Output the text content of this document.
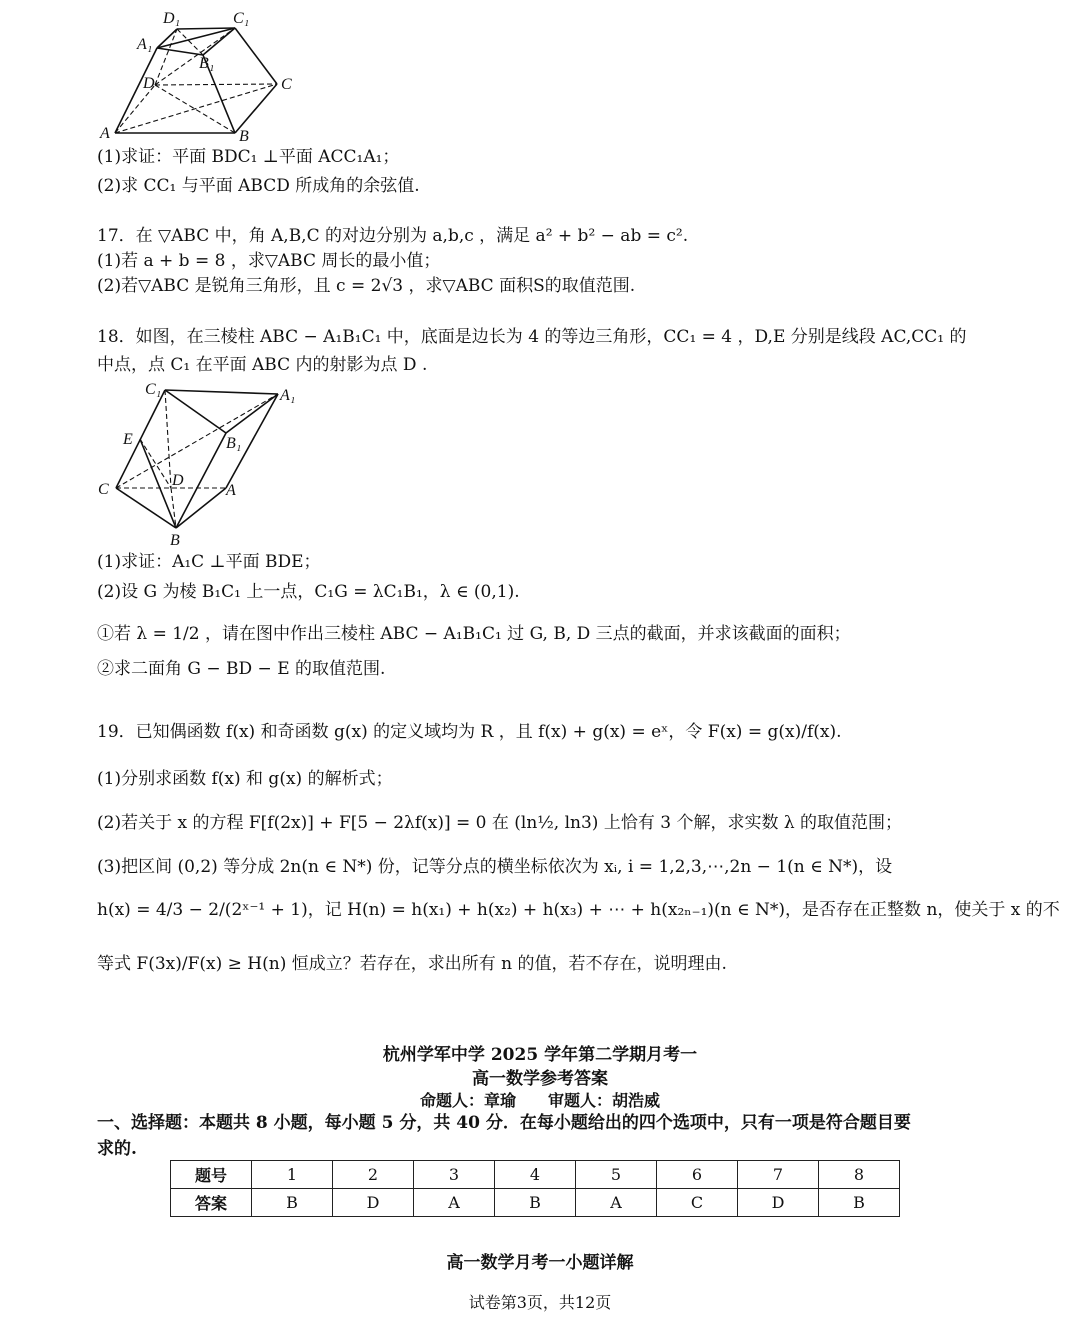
D₁	C₁
A₁
B₁
D	C
A	B
(1)求证：平面 BDC₁ ⊥平面 ACC₁A₁；
(2)求 CC₁ 与平面 ABCD 所成角的余弦值.
17．在 ▽ABC 中，角 A,B,C 的对边分别为 a,b,c ，满足 a² + b² − ab = c².
(1)若 a + b = 8 ，求▽ABC 周长的最小值；
(2)若▽ABC 是锐角三角形，且 c = 2√3 ，求▽ABC 面积S的取值范围.
18．如图，在三棱柱 ABC − A₁B₁C₁ 中，底面是边长为 4 的等边三角形，CC₁ = 4 ，D,E 分别是线段 AC,CC₁ 的
中点，点 C₁ 在平面 ABC 内的射影为点 D .
C₁	A₁
E	B₁
C
D
A
B
(1)求证：A₁C ⊥平面 BDE；
(2)设 G 为棱 B₁C₁ 上一点，C₁G = λC₁B₁，λ ∈ (0,1).
①若 λ = 1/2 ，请在图中作出三棱柱 ABC − A₁B₁C₁ 过 G, B, D 三点的截面，并求该截面的面积；
②求二面角 G − BD − E 的取值范围.
19．已知偶函数 f(x) 和奇函数 g(x) 的定义域均为 R ，且 f(x) + g(x) = eˣ，令 F(x) = g(x)/f(x).
(1)分别求函数 f(x) 和 g(x) 的解析式；
(2)若关于 x 的方程 F[f(2x)] + F[5 − 2λf(x)] = 0 在 (ln½, ln3) 上恰有 3 个解，求实数 λ 的取值范围；
(3)把区间 (0,2) 等分成 2n(n ∈ N*) 份，记等分点的横坐标依次为 xᵢ, i = 1,2,3,⋯,2n − 1(n ∈ N*)，设
h(x) = 4/3 − 2/(2ˣ⁻¹ + 1)，记 H(n) = h(x₁) + h(x₂) + h(x₃) + ⋯ + h(x₂ₙ₋₁)(n ∈ N*)，是否存在正整数 n，使关于 x 的不
等式 F(3x)/F(x) ≥ H(n) 恒成立？若存在，求出所有 n 的值，若不存在，说明理由.
杭州学军中学 2025 学年第二学期月考一
高一数学参考答案
命题人：章瑜　　审题人：胡浩威
一、选择题：本题共 8 小题，每小题 5 分，共 40 分．在每小题给出的四个选项中，只有一项是符合题目要
求的.
题号	1	2	3	4	5	6	7	8
答案	B	D	A	B	A	C	D	B
高一数学月考一小题详解
试卷第3页，共12页
